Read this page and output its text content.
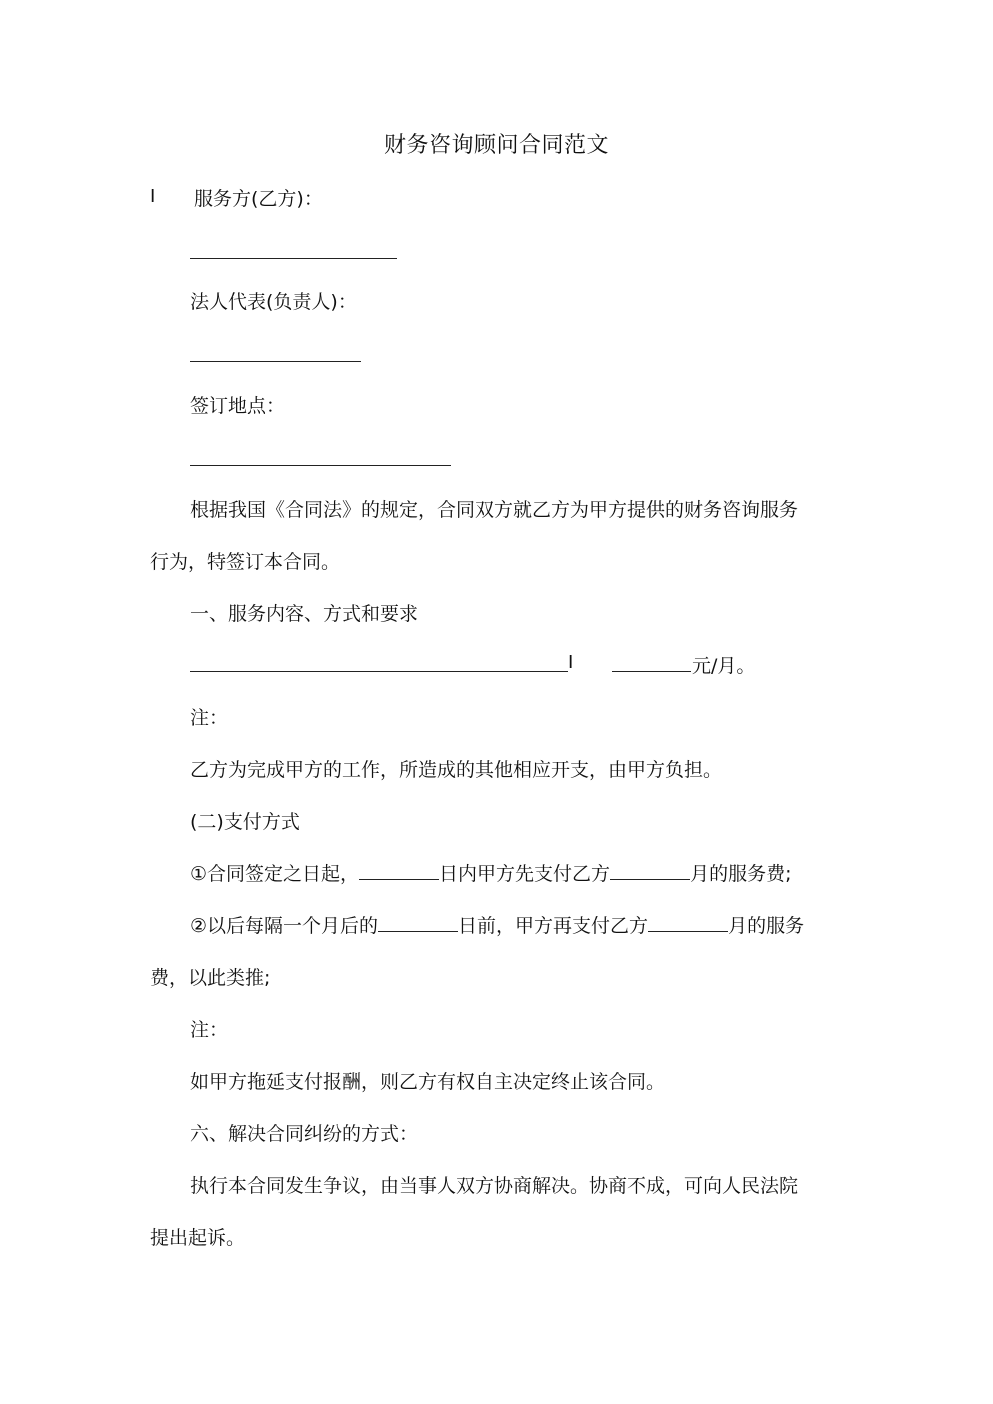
财务咨询顾问合同范文
I 服务方(乙方)：
法人代表(负责人)：
签订地点：
根据我国《合同法》的规定，合同双方就乙方为甲方提供的财务咨询服务
行为，特签订本合同。
一、服务内容、方式和要求
I	元/月。
注：
乙方为完成甲方的工作，所造成的其他相应开支，由甲方负担。
(二)支付方式
①合同签定之日起，	日内甲方先支付乙方	月的服务费;
②以后每隔一个月后的	日前，甲方再支付乙方	月的服务
费，以此类推;
注：
如甲方拖延支付报酬，则乙方有权自主决定终止该合同。
六、解决合同纠纷的方式：
执行本合同发生争议，由当事人双方协商解决。协商不成，可向人民法院
提出起诉。
